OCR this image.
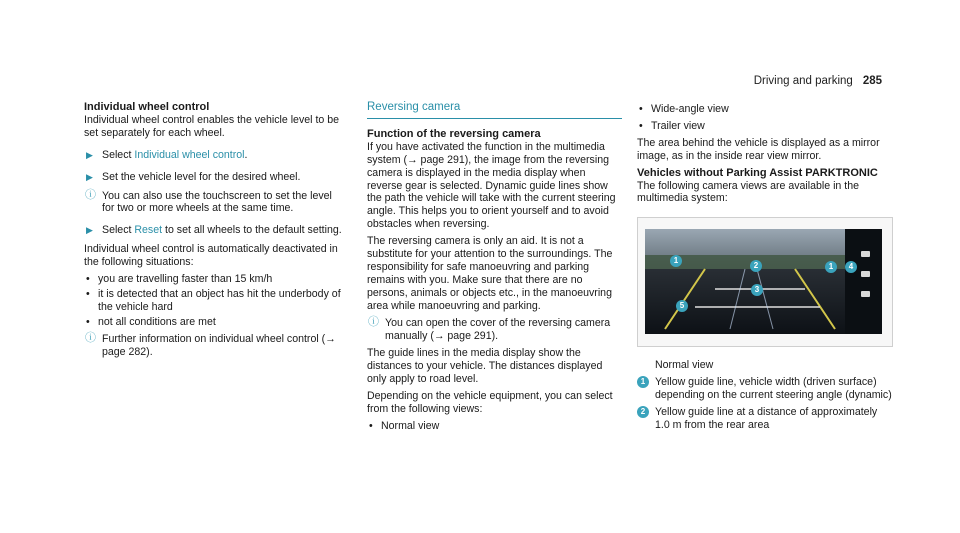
Driving and parking 285

Individual wheel control

Individual wheel control enables the vehicle level to be set separately for each wheel.

▶ Select Individual wheel control.
▶ Set the vehicle level for the desired wheel.
ⓘ You can also use the touchscreen to set the level for two or more wheels at the same time.
▶ Select Reset to set all wheels to the default setting.

Individual wheel control is automatically deactivated in the following situations:

• you are travelling faster than 15 km/h
• it is detected that an object has hit the underbody of the vehicle hard
• not all conditions are met
ⓘ Further information on individual wheel control (→ page 282).
Reversing camera

Function of the reversing camera

If you have activated the function in the multimedia system (→ page 291), the image from the reversing camera is displayed in the media display when reverse gear is selected. Dynamic guide lines show the path the vehicle will take with the current steering angle. This helps you to orient yourself and to avoid obstacles when reversing.

The reversing camera is only an aid. It is not a substitute for your attention to the surroundings. The responsibility for safe manoeuvring and parking remains with you. Make sure that there are no persons, animals or objects etc., in the manoeuvring area while manoeuvring and parking.

ⓘ You can open the cover of the reversing camera manually (→ page 291).

The guide lines in the media display show the distances to your vehicle. The distances displayed only apply to road level.

Depending on the vehicle equipment, you can select from the following views:

• Normal view
• Wide-angle view
• Trailer view

The area behind the vehicle is displayed as a mirror image, as in the inside rear view mirror.

Vehicles without Parking Assist PARKTRONIC

The following camera views are available in the multimedia system:

1
2	1	4
3
5

Normal view

1 Yellow guide line, vehicle width (driven surface) depending on the current steering angle (dynamic)
2 Yellow guide line at a distance of approximately 1.0 m from the rear area
